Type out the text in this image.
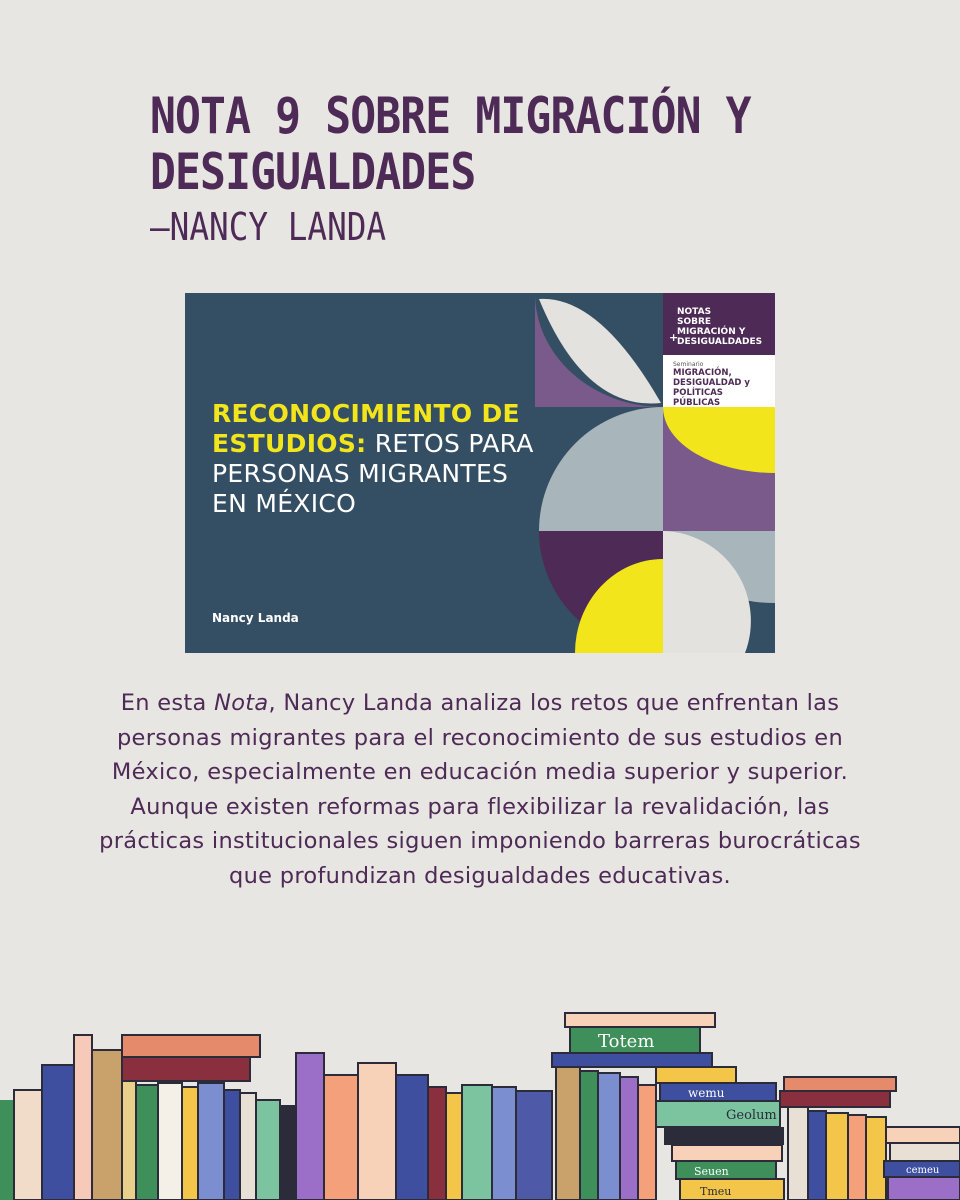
NOTA 9 SOBRE MIGRACIÓN Y
DESIGUALDADES
—NANCY LANDA
NOTAS
SOBRE
MIGRACIÓN Y
DESIGUALDADES
+
Seminario
MIGRACIÓN,
DESIGUALDAD y
POLÍTICAS PÚBLICAS
RECONOCIMIENTO DE
ESTUDIOS: RETOS PARA
PERSONAS MIGRANTES
EN MÉXICO
Nancy Landa
En esta Nota, Nancy Landa analiza los retos que enfrentan las personas migrantes para el reconocimiento de sus estudios en México, especialmente en educación media superior y superior. Aunque existen reformas para flexibilizar la revalidación, las prácticas institucionales siguen imponiendo barreras burocráticas que profundizan desigualdades educativas.
Totem
wemu
Geolum
Seuen
Tmeu
cemeu
